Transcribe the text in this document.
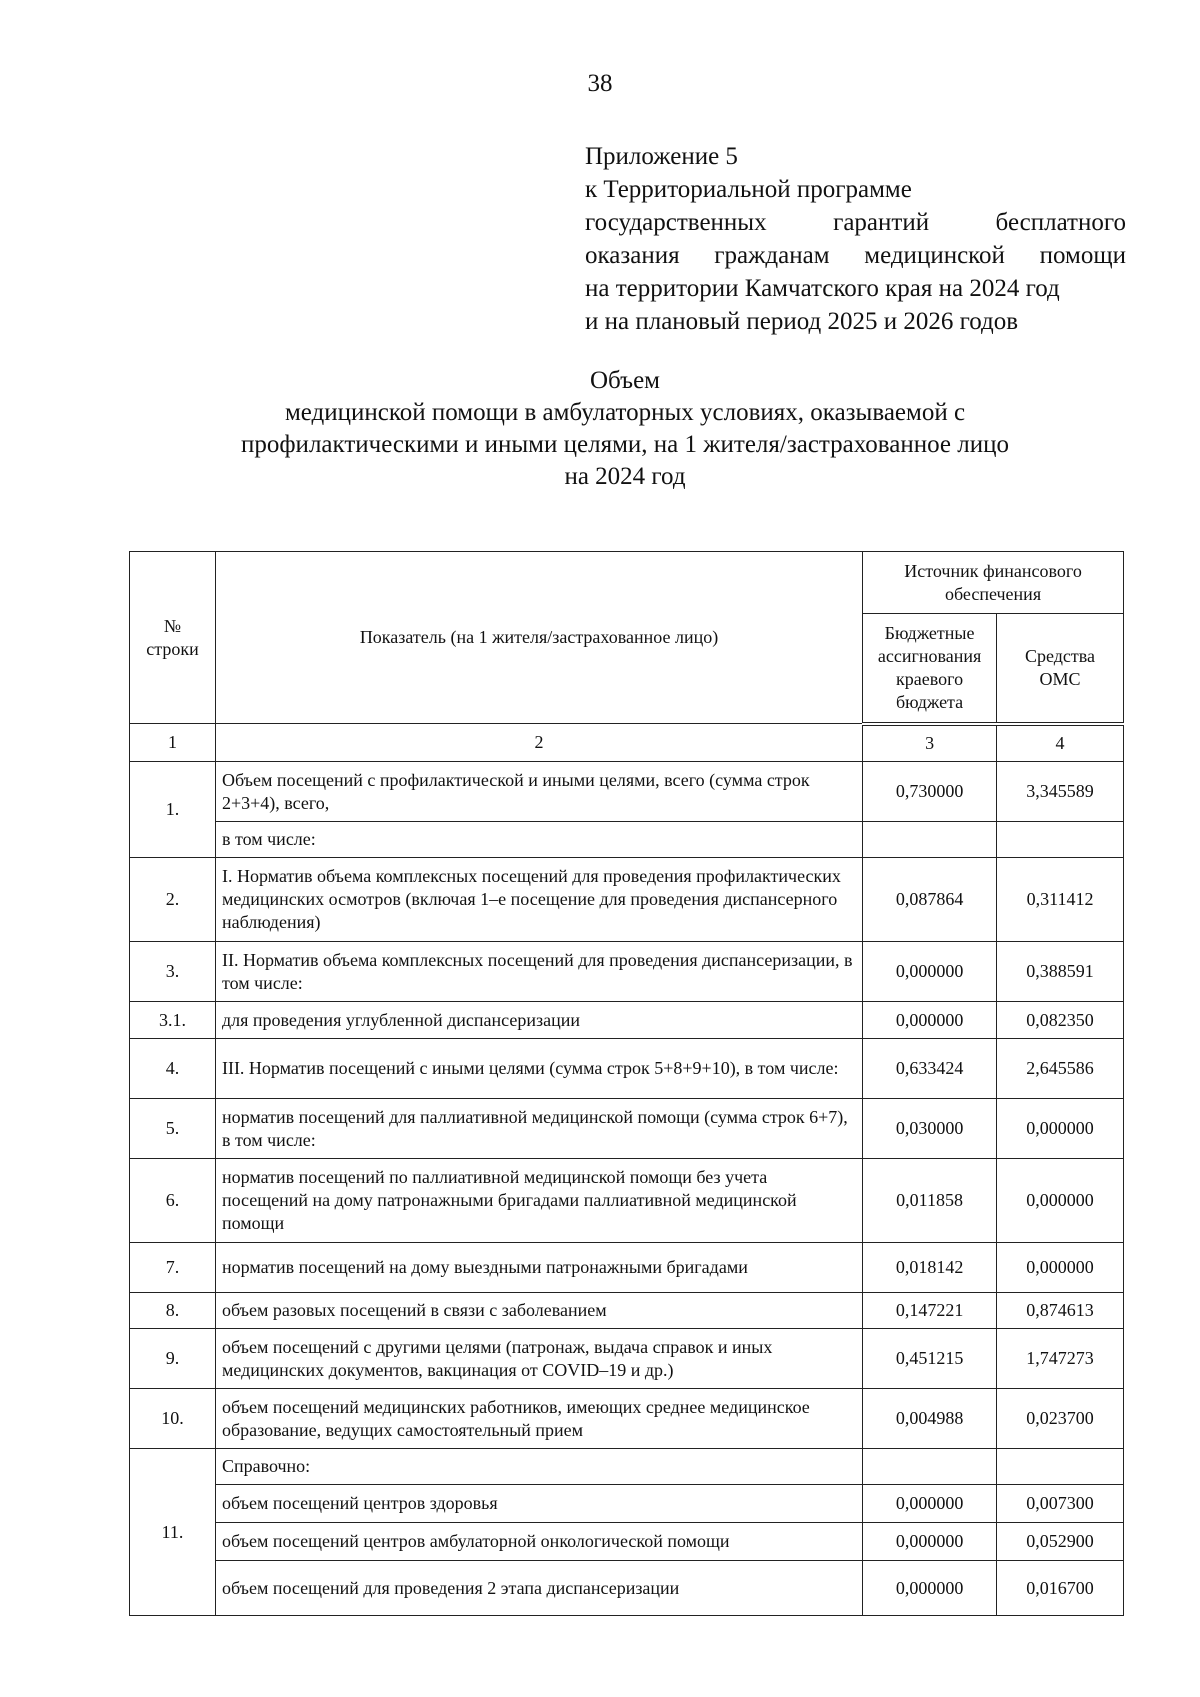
38
Приложение 5
к Территориальной программе
государственных гарантий бесплатного
оказания гражданам медицинской помощи
на территории Камчатского края на 2024 год
и на плановый период 2025 и 2026 годов
Объем
медицинской помощи в амбулаторных условиях, оказываемой с
профилактическими и иными целями, на 1 жителя/застрахованное лицо
на 2024 год
№ строки	Показатель (на 1 жителя/застрахованное лицо)	Источник финансового обеспечения	
		Бюджетные ассигнования краевого бюджета	Средства ОМС
1	2	3	4
1.	Объем посещений с профилактической и иными целями, всего (сумма строк 2+3+4), всего,	0,730000	3,345589
	в том числе:		
2.	I. Норматив объема комплексных посещений для проведения профилактических медицинских осмотров (включая 1–е посещение для проведения диспансерного наблюдения)	0,087864	0,311412
3.	II. Норматив объема комплексных посещений для проведения диспансеризации, в том числе:	0,000000	0,388591
3.1.	для проведения углубленной диспансеризации	0,000000	0,082350
4.	III. Норматив посещений с иными целями (сумма строк 5+8+9+10), в том числе:	0,633424	2,645586
5.	норматив посещений для паллиативной медицинской помощи (сумма строк 6+7), в том числе:	0,030000	0,000000
6.	норматив посещений по паллиативной медицинской помощи без учета посещений на дому патронажными бригадами паллиативной медицинской помощи	0,011858	0,000000
7.	норматив посещений на дому выездными патронажными бригадами	0,018142	0,000000
8.	объем разовых посещений в связи с заболеванием	0,147221	0,874613
9.	объем посещений с другими целями (патронаж, выдача справок и иных медицинских документов, вакцинация от COVID–19 и др.)	0,451215	1,747273
10.	объем посещений медицинских работников, имеющих среднее медицинское образование, ведущих самостоятельный прием	0,004988	0,023700
11.	Справочно:		
	объем посещений центров здоровья	0,000000	0,007300
	объем посещений центров амбулаторной онкологической помощи	0,000000	0,052900
	объем посещений для проведения 2 этапа диспансеризации	0,000000	0,016700
